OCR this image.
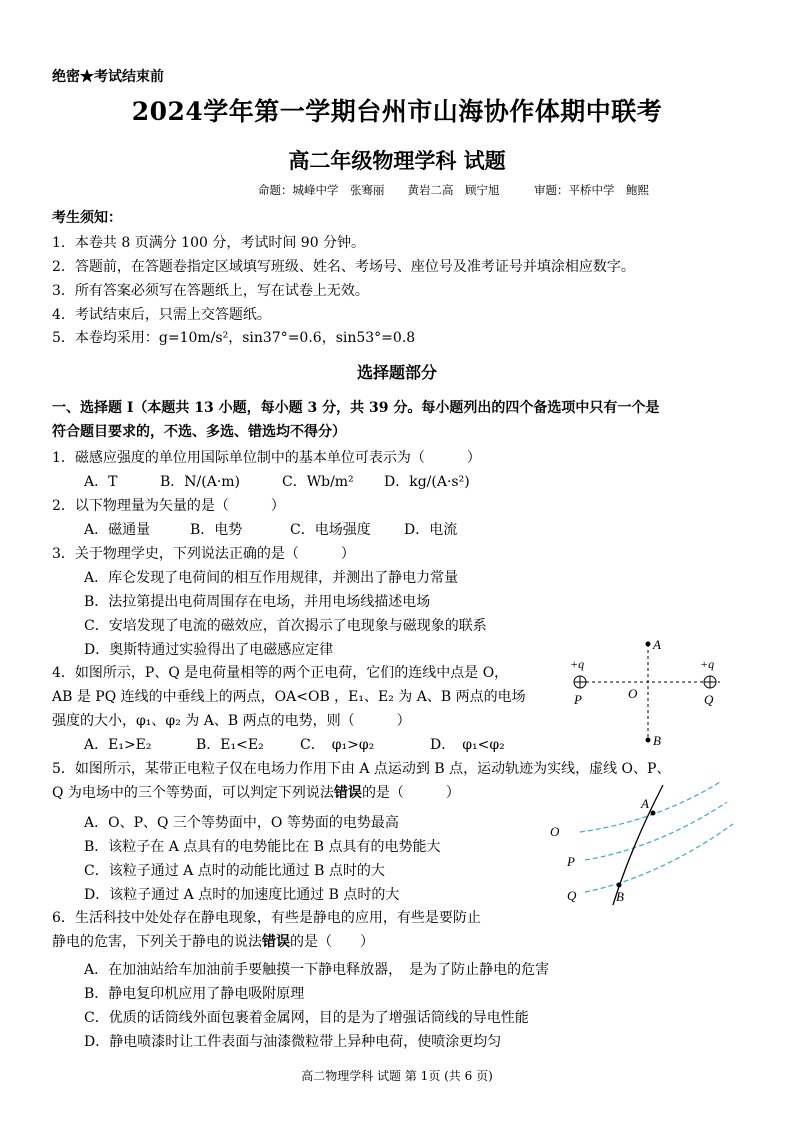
绝密★考试结束前
2024学年第一学期台州市山海协作体期中联考
高二年级物理学科 试题
命题：城峰中学　张骞丽　　黄岩二高　顾宁旭　　　审题：平桥中学　鲍熙
考生须知：
1．本卷共 8 页满分 100 分，考试时间 90 分钟。
2．答题前，在答题卷指定区域填写班级、姓名、考场号、座位号及准考证号并填涂相应数字。
3．所有答案必须写在答题纸上，写在试卷上无效。
4．考试结束后，只需上交答题纸。
5．本卷均采用：g=10m/s²，sin37°=0.6，sin53°=0.8
选择题部分
一、选择题 Ⅰ（本题共 13 小题，每小题 3 分，共 39 分。每小题列出的四个备选项中只有一个是
符合题目要求的，不选、多选、错选均不得分）
1．磁感应强度的单位用国际单位制中的基本单位可表示为（　　　）
A．T	B．N/(A·m)	C．Wb/m² D．kg/(A·s²)
2．以下物理量为矢量的是（　　　）
A．磁通量	B．电势	C．电场强度 D．电流
3．关于物理学史，下列说法正确的是（　　　）
A．库仑发现了电荷间的相互作用规律，并测出了静电力常量
B．法拉第提出电荷周围存在电场，并用电场线描述电场
C．安培发现了电流的磁效应，首次揭示了电现象与磁现象的联系
D．奥斯特通过实验得出了电磁感应定律
4．如图所示，P、Q 是电荷量相等的两个正电荷，它们的连线中点是 O，
AB 是 PQ 连线的中垂线上的两点，OA<OB ，E₁、E₂ 为 A、B 两点的电场
强度的大小，φ₁、φ₂ 为 A、B 两点的电势，则（　　　）
A．E₁>E₂	B．E₁<E₂	C．　φ₁>φ₂	D．　φ₁<φ₂
A
B
O
P	Q
+q	+q
5．如图所示，某带正电粒子仅在电场力作用下由 A 点运动到 B 点，运动轨迹为实线，虚线 O、P、
Q 为电场中的三个等势面，可以判定下列说法错误的是（　　　）
A．O、P、Q 三个等势面中，O 等势面的电势最高
B．该粒子在 A 点具有的电势能比在 B 点具有的电势能大
C．该粒子通过 A 点时的动能比通过 B 点时的大
D．该粒子通过 A 点时的加速度比通过 B 点时的大
A
B
O
P
Q
6．生活科技中处处存在静电现象，有些是静电的应用，有些是要防止
静电的危害，下列关于静电的说法错误的是（　　）
A．在加油站给车加油前手要触摸一下静电释放器，　是为了防止静电的危害
B．静电复印机应用了静电吸附原理
C．优质的话筒线外面包裹着金属网，目的是为了增强话筒线的导电性能
D．静电喷漆时让工件表面与油漆微粒带上异种电荷，使喷涂更均匀
高二物理学科 试题 第 1页 (共 6 页)
